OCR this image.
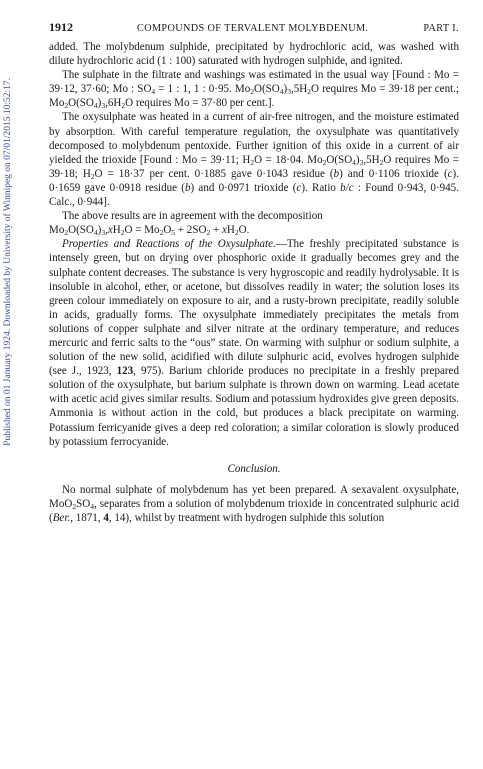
Published on 01 January 1924. Downloaded by University of Winnipeg on 07/01/2015 10:52:17.
1912	COMPOUNDS OF TERVALENT MOLYBDENUM.	PART I.

added. The molybdenum sulphide, precipitated by hydrochloric acid, was washed with dilute hydrochloric acid (1 : 100) saturated with hydrogen sulphide, and ignited.

The sulphate in the filtrate and washings was estimated in the usual way [Found : Mo = 39·12, 37·60; Mo : $SO_4 = 1$ : 1, 1 : 0·95. $Mo_2O(SO_4)_3,5H_2O$ requires Mo = 39·18 per cent.; $Mo_2O(SO_4)_3,6H_2O$ requires Mo = 37·80 per cent.].

The oxysulphate was heated in a current of air-free nitrogen, and the moisture estimated by absorption. With careful temperature regulation, the oxysulphate was quantitatively decomposed to molybdenum pentoxide. Further ignition of this oxide in a current of air yielded the trioxide [Found : Mo = 39·11; $H_2O = 18\cdot 04$. $Mo_2O(SO_4)_3,5H_2O$ requires Mo = 39·18; $H_2O = 18\cdot 37$ per cent. 0·1885 gave 0·1043 residue (b) and 0·1106 trioxide (c). 0·1659 gave 0·0918 residue (b) and 0·0971 trioxide (c). Ratio b/c : Found 0·943, 0·945. Calc., 0·944].

The above results are in agreement with the decomposition

$Mo_2O(SO_4)_3,xH_2O = Mo_2O_5 + 2SO_2 + xH_2O$.

Properties and Reactions of the Oxysulphate.—The freshly precipitated substance is intensely green, but on drying over phosphoric oxide it gradually becomes grey and the sulphate content decreases. The substance is very hygroscopic and readily hydrolysable. It is insoluble in alcohol, ether, or acetone, but dissolves readily in water; the solution loses its green colour immediately on exposure to air, and a rusty-brown precipitate, readily soluble in acids, gradually forms. The oxysulphate immediately precipitates the metals from solutions of copper sulphate and silver nitrate at the ordinary temperature, and reduces mercuric and ferric salts to the “ous” state. On warming with sulphur or sodium sulphite, a solution of the new solid, acidified with dilute sulphuric acid, evolves hydrogen sulphide (see J., 1923, 123, 975). Barium chloride produces no precipitate in a freshly prepared solution of the oxysulphate, but barium sulphate is thrown down on warming. Lead acetate with acetic acid gives similar results. Sodium and potassium hydroxides give green deposits. Ammonia is without action in the cold, but produces a black precipitate on warming. Potassium ferricyanide gives a deep red coloration; a similar coloration is slowly produced by potassium ferrocyanide.

Conclusion.

No normal sulphate of molybdenum has yet been prepared. A sexavalent oxysulphate, $MoO_2SO_4$, separates from a solution of molybdenum trioxide in concentrated sulphuric acid (Ber., 1871, 4, 14), whilst by treatment with hydrogen sulphide this solution
